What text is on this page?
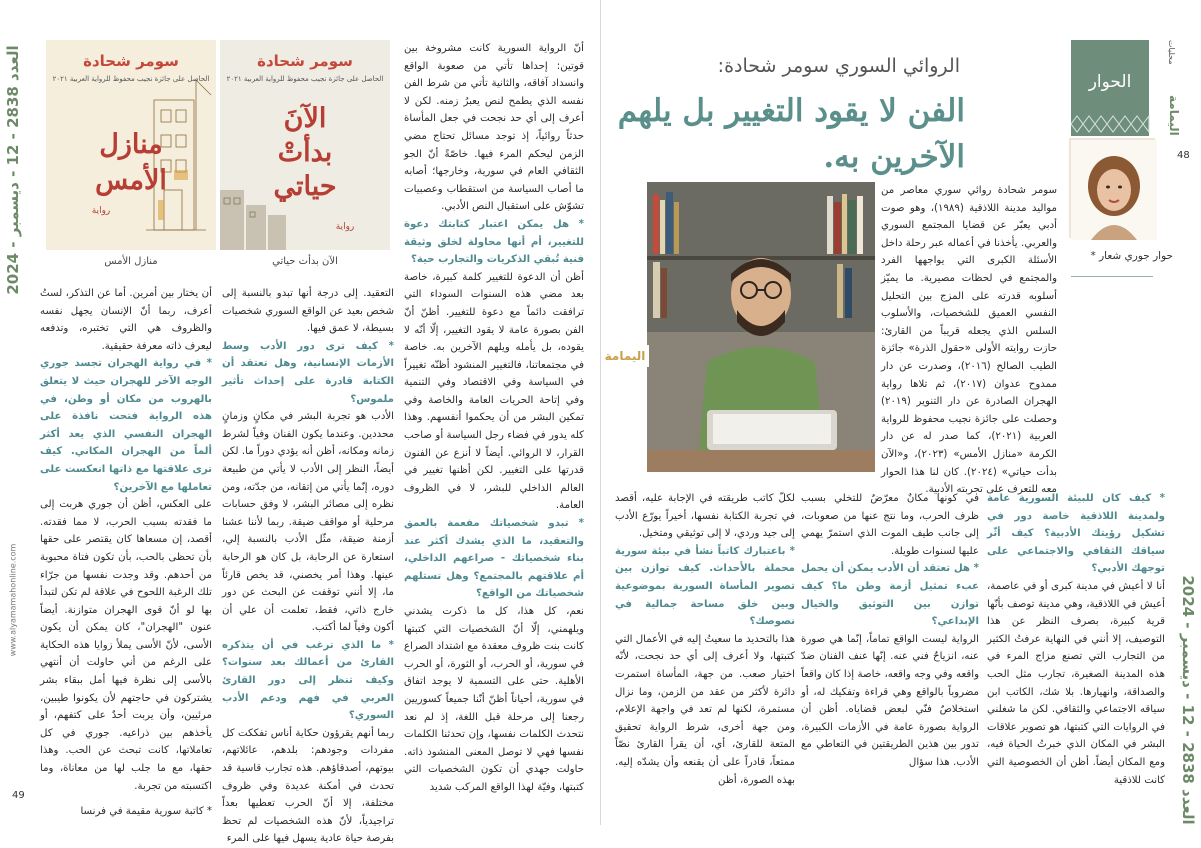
العدد 2838 - 12 - ديسمبر - 2024
www.alyamamahonline.com
49
سومر شحادة
الحاصل على جائزة نجيب محفوظ للرواية العربية ٢٠٢١
منازل
الأمس
رواية
منازل الأمس
سومر شحادة
الحاصل على جائزة نجيب محفوظ للرواية العربية ٢٠٢١
الآنَ
بدأتْ
حياتي
رواية
الآن بدأت حياتي

أن يختار بين أمرين. أما عن التذكر، لستُ أعرف، ربما أنّ الإنسان يجهل نفسه والظروف هي التي تختبره، وتدفعه ليعرف ذاته معرفة حقيقية.

* في رواية الهجران تجسد جوري الوجه الآخر للهجران حيث لا يتعلق بالهروب من مكان أو وطن، في هذه الرواية فتحت نافذة على الهجران النفسي الذي يعد أكثر ألماً من الهجران المكاني. كيف ترى علاقتها مع ذاتها انعكست على تعاملها مع الآخرين؟

على العكس، أظن أن جوري هربت إلى ما فقدته بسبب الحرب، لا مما فقدته. أقصد، إن مسعاها كان يقتصر على حقها بأن تحظى بالحب، بأن تكون فتاة محبوبة من أحدهم. وقد وجدت نفسها من جرّاء تلك الرغبة اللحوح في علاقة لم تكن لتبدأ بها لو أنّ قوى الهجران متوازنة. أيضاً عنون "الهجران"، كان يمكن أن يكون الأسى، لأنّ الأسى يملأ زوايا هذه الحكاية على الرغم من أني حاولت أن أنتهي بالأسى إلى نظرة فيها أمل ببقاء بشر يشتركون في حاجتهم لأن يكونوا طيبين، مرئيين، وأن يربت أحدٌ على كتفهم، أو يأخذهم بين ذراعيه. جوري في كل تعاملاتها، كانت تبحث عن الحب. وهذا حقها، مع ما جلب لها من معاناة، وما اكتسبته من تجربة.

* كاتبة سورية مقيمة في فرنسا

التعقيد. إلى درجة أنها تبدو بالنسبة إلى شخص بعيد عن الواقع السوري شخصيات بسيطة، لا عمق فيها.

* كيف ترى دور الأدب وسط الأزمات الإنسانية، وهل تعتقد أن الكتابة قادرة على إحداث تأثير ملموس؟

الأدب هو تجربة البشر في مكانٍ وزمانٍ محددين. وعندما يكون الفنان وفياً لشرط زمانه ومكانه، أظن أنه يؤدي دوراً ما. لكن أيضاً، النظر إلى الأدب لا يأتي من طبيعة دوره، إنّما يأتي من إتقانه، من جدّته، ومن نظره إلى مصائر البشر، لا وفق حسابات مرحلية أو مواقف ضيقة. ربما لأننا عشنا أزمنة ضيقة، مثّل الأدب بالنسبة إلي، استعارة عن الرحابة، بل كان هو الرحابة عينها. وهذا أمر يخصني، قد يخص قارئاً ما، إلا أنني توقفت عن البحث عن دور خارج ذاتي، فقط، تعلمت أن علي أن أكون وفياً لما أكتب.

* ما الذي ترغب في أن يتذكره القارئ من أعمالك بعد سنوات؟ وكيف تنظر إلى دور القارئ العربي في فهم ودعم الأدب السوري؟

ربما أنهم يقرؤون حكاية أناس تفككت كل مفردات وجودهم: بلدهم، عائلاتهم، بيوتهم، أصدقاؤهم. هذه تجارب قاسية قد تحدث في أمكنة عديدة وفي ظروف مختلفة، إلا أنّ الحرب تعطيها بعداً تراجيدياً، لأنّ هذه الشخصيات لم تحظ بفرصة حياة عادية يسهل فيها على المرء

أنّ الرواية السورية كانت مشروخة بين قوتين: إحداها تأتي من صعوبة الواقع وانسداد آفاقه، والثانية تأتي من شرط الفن نفسه الذي يطمح لنص يعبرُ زمنه. لكن لا أعرف إلى أي حد نجحت في جعل المأساة حدثاً روائياً، إذ توجد مسائل تحتاج مضي الزمن ليحكم المرء فيها. خاصّةً أنّ الجو الثقافي العام في سورية، وخارجها؛ أصابه ما أصاب السياسة من استقطاب وعصبيات تشوّش على استقبال النص الأدبي.

* هل يمكن اعتبار كتابتك دعوة للتغيير، أم أنها محاولة لخلق وثيقة فنية تُبقي الذكريات والتجارب حية؟

أظن أن الدعوة للتغيير كلمة كبيرة، خاصة بعد مضي هذه السنوات السوداء التي ترافقت دائماً مع دعوة للتغيير. أظنّ أنّ الفن بصورة عامة لا يقود التغيير، إلّا أنّه لا يقوده، بل يأمله ويلهم الآخرين به. خاصة في مجتمعاتنا، فالتغيير المنشود أظنّه تغييراً في السياسة وفي الاقتصاد وفي التنمية وفي إتاحة الحريات العامة والخاصة وفي تمكين البشر من أن يحكموا أنفسهم. وهذا كله يدور في فضاء رجل السياسة أو صاحب القرار، لا الروائي. أيضاً لا أنزع عن الفنون قدرتها على التغيير. لكن أظنها تغيير في العالم الداخلي للبشر، لا في الظروف العامة.

* تبدو شخصياتك مفعمة بالعمق والتعقيد، ما الذي يشدك أكثر عند بناء شخصياتك - صراعهم الداخلي، أم علاقتهم بالمجتمع؟ وهل تستلهم شخصياتك من الواقع؟

نعم، كل هذا، كل ما ذكرت يشدني ويلهمني، إلّا أنّ الشخصيات التي كتبتها كانت بنت ظروف معقدة مع اشتداد الصراع في سورية، أو الحرب، أو الثورة، أو الحرب الأهلية. حتى على التسمية لا يوجد اتفاق في سورية، أحياناً أظنّ أنّنا جميعاً كسوريين رجعنا إلى مرحلة قبل اللغة، إذ لم نعد نتحدث الكلمات نفسها، وإن تحدثنا الكلمات نفسها فهي لا توصل المعنى المنشود ذاته. حاولت جهدي أن تكون الشخصيات التي كتبتها، وفيّة لهذا الواقع المركب شديد

العدد 2838 - 12 - ديسمبر - 2024
48
محليات
اليمامة
الحوار
الروائي السوري سومر شحادة:
الفن لا يقود التغيير بل يلهم الآخرين به.
حوار جوري شعار *

سومر شحادة روائي سوري معاصر من مواليد مدينة اللاذقية (١٩٨٩)، وهو صوت أدبي يعبّر عن قضايا المجتمع السوري والعربي. يأخذنا في أعماله عبر رحلة داخل الأسئلة الكبرى التي يواجهها الفرد والمجتمع في لحظات مصيرية. ما يميّز أسلوبه قدرته على المزج بين التحليل النفسي العميق للشخصيات، والأسلوب السلس الذي يجعله قريباً من القارئ: حازت روايته الأولى «حقول الذرة» جائزة الطيب الصالح (٢٠١٦)، وصدرت عن دار ممدوح عدوان (٢٠١٧)، ثم تلاها رواية الهجران الصادرة عن دار التنوير (٢٠١٩) وحصلت على جائزة نجيب محفوظ للرواية العربية (٢٠٢١)، كما صدر له عن دار الكرمة «منازل الأمس» (٢٠٢٣)، و«الآن بدأت حياتي» (٢٠٢٤). كان لنا هذا الحوار معه للتعرف على تجربته الأدبية.

اليمامة

* كيف كان للبيئة السورية عامة ولمدينة اللاذقية خاصة دور في تشكيل رؤيتك الأدبية؟ كيف أثّر سياقك الثقافي والاجتماعي على توجهك الأدبي؟

أنا لا أعيش في مدينة كبرى أو في عاصمة، أعيش في اللاذقية، وهي مدينة توصف بأنّها قرية كبيرة، بصرف النظر عن هذا التوصيف، إلا أنني في النهاية عرفتُ الكثير من التجارب التي تصنع مزاج المرء في هذه المدينة الصغيرة، تجارب مثل الحب والصداقة، وانهيارها. بلا شك، الكاتب ابن سياقه الاجتماعي والثقافي. لكن ما شغلني في الروايات التي كتبتها، هو تصوير علاقات البشر في المكان الذي خبرتُ الحياة فيه، ومع المكان أيضاً. أظن أن الخصوصية التي كانت للاذقية

في كونها مكانٌ معرّضٌ للتخلي بسبب ظرف الحرب، وما نتج عنها من صعوبات، إلى جانب طيف الموت الذي استمرّ يهمي عليها لسنوات طويلة.

* هل تعتقد أن الأدب يمكن أن يحمل عبء تمثيل أزمة وطن ما؟ كيف توازن بين التوثيق والخيال الإبداعي؟

الرواية ليست الواقع تماماً، إنّما هي صورة عنه، انزياحٌ فني عنه. إنّها عنف الفنان ضدّ واقعه وفي وجه واقعه، خاصة إذا كان واقعاً مضروباً بالواقع وهي قراءة وتفكيك له، أو استخلاصٌ فنّي لبعض قضاياه. أظن أن الرواية بصورة عامة في الأزمات الكبيرة، تدور بين هذين الطريقتين في التعاطي مع الأدب. هذا سؤال

لكلّ كاتب طريقته في الإجابة عليه، أقصد في تجربة الكتابة نفسها، أخيراً يورّع الأدب إلى جيد وردي، لا إلى توثيقي ومتخيل.

* باعتبارك كاتباً نشأ في بيئة سورية محملة بالأحداث. كيف توازن بين تصوير المأساة السورية بموضوعية وبين خلق مساحة جمالية في نصوصك؟

هذا بالتحديد ما سعيتُ إليه في الأعمال التي كتبتها، ولا أعرف إلى أي حد نجحت، لأنّه اختيار صعب. من جهة، المأساة استمرت دائرة لأكثر من عقد من الزمن، وما نزال مستمرة، لكنها لم تعد في واجهة الإعلام، ومن جهة أخرى، شرط الرواية تحقيق المتعة للقارئ، أي، أن يقرأ القارئ نصّاً ممتعاً، قادراً على أن يقنعه وأن يشدّه إليه. بهذه الصورة، أظن
